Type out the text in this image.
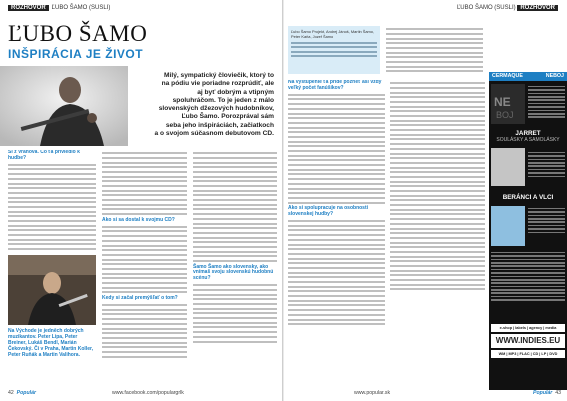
ROZHOVOR ĽUBO ŠAMO (SUSLI)
ĽUBO ŠAMO
INŠPIRÁCIA JE ŽIVOT
Milý, sympatický človiečik, ktorý to
na pódiu vie poriadne rozprúdiť, ale
aj byť dobrým a vtipným
spoluhráčom. To je jeden z málo
slovenských džezových hudobníkov,
Ľubo Šamo. Porozprával sám
seba jeho inšpiráciách, začiatkoch
a o svojom súčasnom debutovom CD.
Si z Vranova. Čo ťa priviedlo k hudbe?
Ako si sa dostal k svojmu CD?
Kedy si začal premýšľať o tom?
Šamo Šamo ako slovensky, ako vnímaš svoju slovenskú hudobnú scénu?
Na Východe je jedněch dobrých muzikantov. Peter Lipa, Peter Breiner, Lukáš Bendl, Marián Čekovský. Či v Praha, Martin Koller, Peter Ruňák a Martin Valihora.
42 Populár	www.facebook.com/populargrlk
ĽUBO ŠAMO (SUSLI) ROZHOVOR
Ľubo Šamo Projekt, Andrej Jánoš, Martin Šamo, Peter Kaňa, Jozef Šamo
Na vystúpenie ťa príde pozrieť asi vždy veľký počet fanúšikov?
Ako si spolupracuje na osobnosti slovenskej hudby?
CERMAQUE	NEBOJ
NE
BOJ
JARRET
SOULÁSKY A SAMOLÁSKY
BERÁNCI A VLCI
e-shop | labels | agency | media
WWW.INDIES.EU
WM | MP3 | FLAC | CD | LP | DVD
www.popular.sk	Populár 43
